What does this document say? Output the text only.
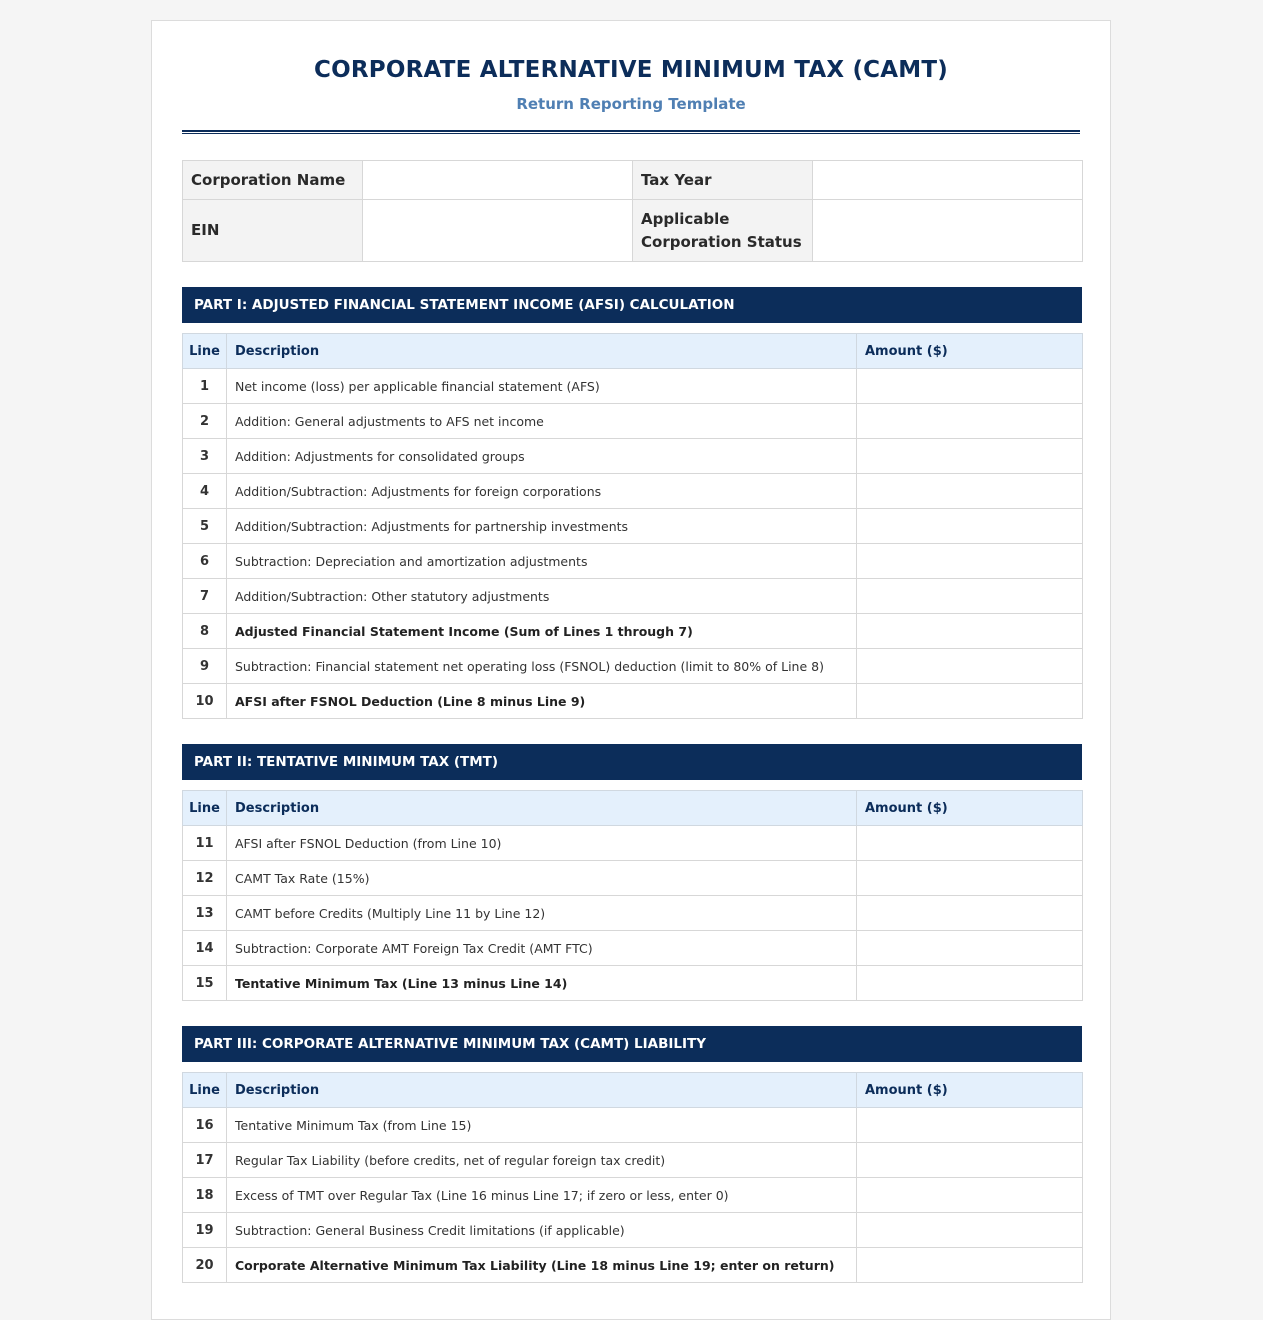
CORPORATE ALTERNATIVE MINIMUM TAX (CAMT)
Return Reporting Template
Corporation Name		Tax Year	
EIN		Applicable Corporation Status	
PART I: ADJUSTED FINANCIAL STATEMENT INCOME (AFSI) CALCULATION
Line	Description	Amount ($)
1	Net income (loss) per applicable financial statement (AFS)	
2	Addition: General adjustments to AFS net income	
3	Addition: Adjustments for consolidated groups	
4	Addition/Subtraction: Adjustments for foreign corporations	
5	Addition/Subtraction: Adjustments for partnership investments	
6	Subtraction: Depreciation and amortization adjustments	
7	Addition/Subtraction: Other statutory adjustments	
8	Adjusted Financial Statement Income (Sum of Lines 1 through 7)	
9	Subtraction: Financial statement net operating loss (FSNOL) deduction (limit to 80% of Line 8)	
10	AFSI after FSNOL Deduction (Line 8 minus Line 9)	
PART II: TENTATIVE MINIMUM TAX (TMT)
Line	Description	Amount ($)
11	AFSI after FSNOL Deduction (from Line 10)	
12	CAMT Tax Rate (15%)	
13	CAMT before Credits (Multiply Line 11 by Line 12)	
14	Subtraction: Corporate AMT Foreign Tax Credit (AMT FTC)	
15	Tentative Minimum Tax (Line 13 minus Line 14)	
PART III: CORPORATE ALTERNATIVE MINIMUM TAX (CAMT) LIABILITY
Line	Description	Amount ($)
16	Tentative Minimum Tax (from Line 15)	
17	Regular Tax Liability (before credits, net of regular foreign tax credit)	
18	Excess of TMT over Regular Tax (Line 16 minus Line 17; if zero or less, enter 0)	
19	Subtraction: General Business Credit limitations (if applicable)	
20	Corporate Alternative Minimum Tax Liability (Line 18 minus Line 19; enter on return)	
